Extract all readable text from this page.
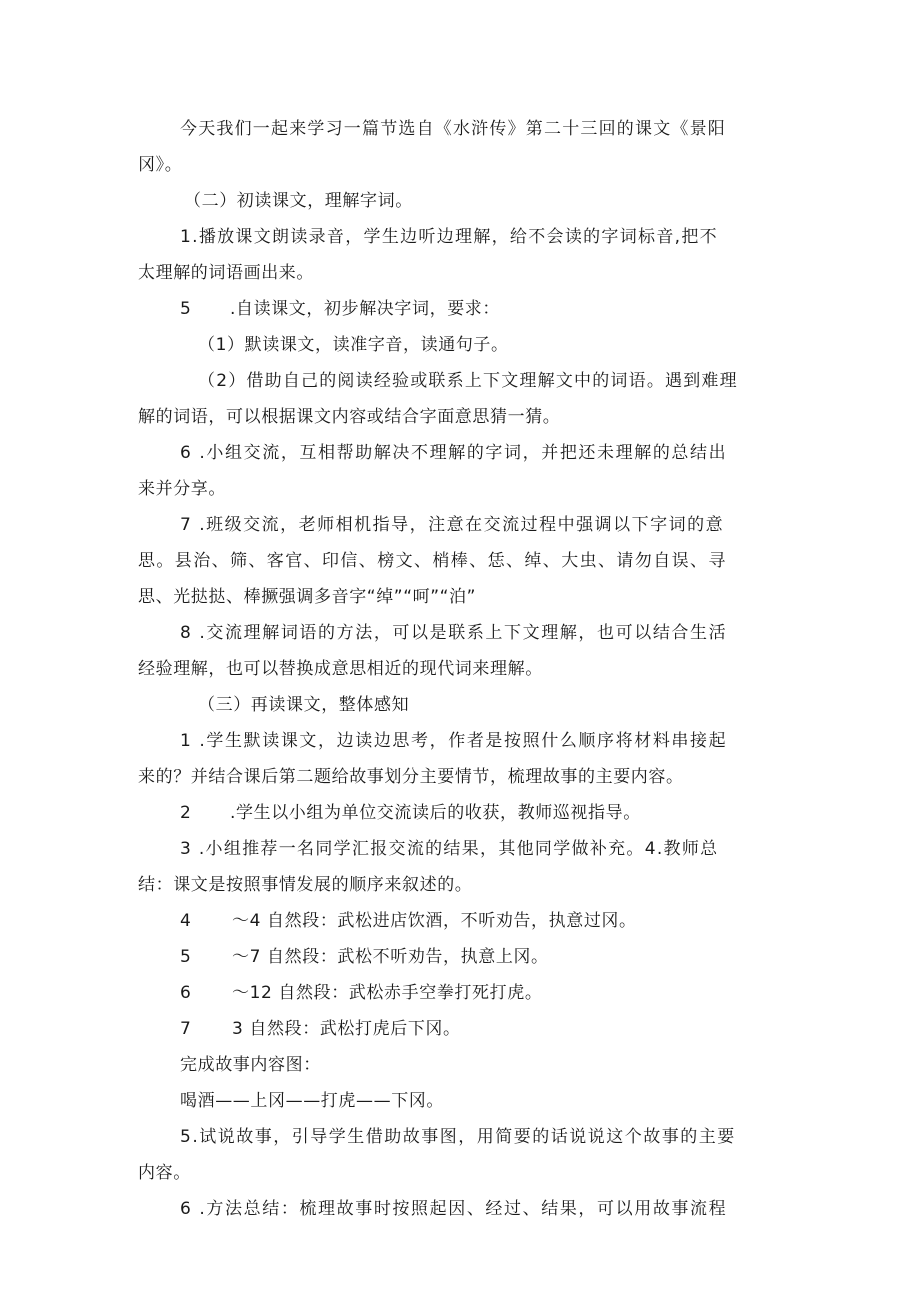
今天我们一起来学习一篇节选自《水浒传》第二十三回的课文《景阳
冈》。
（二）初读课文，理解字词。
1.播放课文朗读录音，学生边听边理解，给不会读的字词标音,把不
太理解的词语画出来。
5 .自读课文，初步解决字词，要求：
（1）默读课文，读准字音，读通句子。
（2）借助自己的阅读经验或联系上下文理解文中的词语。遇到难理
解的词语，可以根据课文内容或结合字面意思猜一猜。
6 .小组交流，互相帮助解决不理解的字词，并把还未理解的总结出
来并分享。
7 .班级交流，老师相机指导，注意在交流过程中强调以下字词的意
思。县治、筛、客官、印信、榜文、梢棒、恁、绰、大虫、请勿自误、寻
思、光挞挞、棒撅强调多音字“绰”“呵”“泊”
8 .交流理解词语的方法，可以是联系上下文理解，也可以结合生活
经验理解，也可以替换成意思相近的现代词来理解。
（三）再读课文，整体感知
1 .学生默读课文，边读边思考，作者是按照什么顺序将材料串接起
来的？并结合课后第二题给故事划分主要情节，梳理故事的主要内容。
2 .学生以小组为单位交流读后的收获，教师巡视指导。
3 .小组推荐一名同学汇报交流的结果，其他同学做补充。4.教师总
结：课文是按照事情发展的顺序来叙述的。
4 ～4 自然段：武松进店饮酒，不听劝告，执意过冈。
5 ～7 自然段：武松不听劝告，执意上冈。
6 ～12 自然段：武松赤手空拳打死打虎。
7 3 自然段：武松打虎后下冈。
完成故事内容图：
喝酒——上冈——打虎——下冈。
5.试说故事，引导学生借助故事图，用简要的话说说这个故事的主要
内容。
6 .方法总结：梳理故事时按照起因、经过、结果，可以用故事流程
